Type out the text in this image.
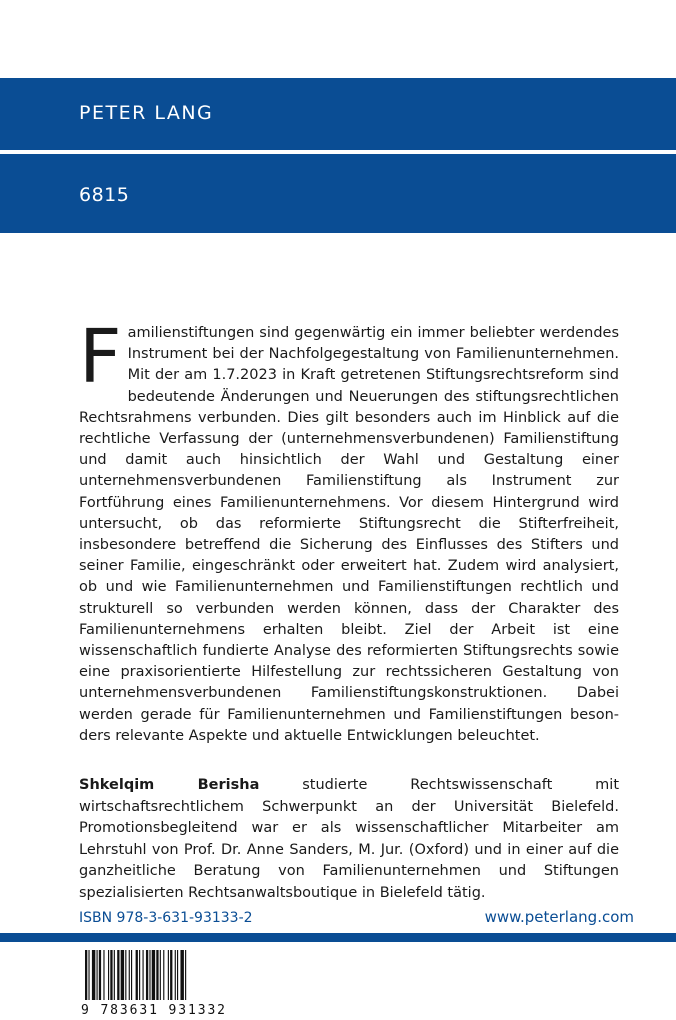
PETER LANG
6815
F amilienstiftungen sind gegenwärtig ein immer beliebter werdendes Instrument bei der Nachfolgegestaltung von Familienunternehmen. Mit der am 1.7.2023 in Kraft getretenen Stiftungsrechtsreform sind bedeutende Änderungen und Neuerungen des stiftungsrechtlichen Rechtsrahmens verbunden. Dies gilt besonders auch im Hinblick auf die rechtliche Verfassung der (unternehmensverbundenen) Familienstiftung und damit auch hinsichtlich der Wahl und Gestaltung einer unternehmensverbundenen Familienstiftung als Instrument zur Fortführung eines Familienunternehmens. Vor diesem Hintergrund wird untersucht, ob das reformierte Stiftungsrecht die Stifterfreiheit, insbesondere betreffend die Sicherung des Einflusses des Stifters und seiner Familie, eingeschränkt oder erweitert hat. Zudem wird analysiert, ob und wie Familienunternehmen und Familienstiftungen rechtlich und strukturell so verbunden werden können, dass der Charakter des Familienunternehmens erhalten bleibt. Ziel der Arbeit ist eine wissenschaftlich fundierte Analyse des reformierten Stiftungsrechts sowie eine praxisorientierte Hilfestellung zur rechtssicheren Gestaltung von unternehmensverbundenen Familienstiftungskonstruktionen. Dabei werden gerade für Familienunternehmen und Familienstiftungen besonders relevante Aspekte und aktuelle Entwicklungen beleuchtet.
Shkelqim Berisha studierte Rechtswissenschaft mit wirtschaftsrechtlichem Schwerpunkt an der Universität Bielefeld. Promotionsbegleitend war er als wissenschaftlicher Mitarbeiter am Lehrstuhl von Prof. Dr. Anne Sanders, M. Jur. (Oxford) und in einer auf die ganzheitliche Beratung von Familienunternehmen und Stiftungen spezialisierten Rechtsanwaltsboutique in Bielefeld tätig.
ISBN 978-3-631-93133-2	www.peterlang.com
9 783631 931332
